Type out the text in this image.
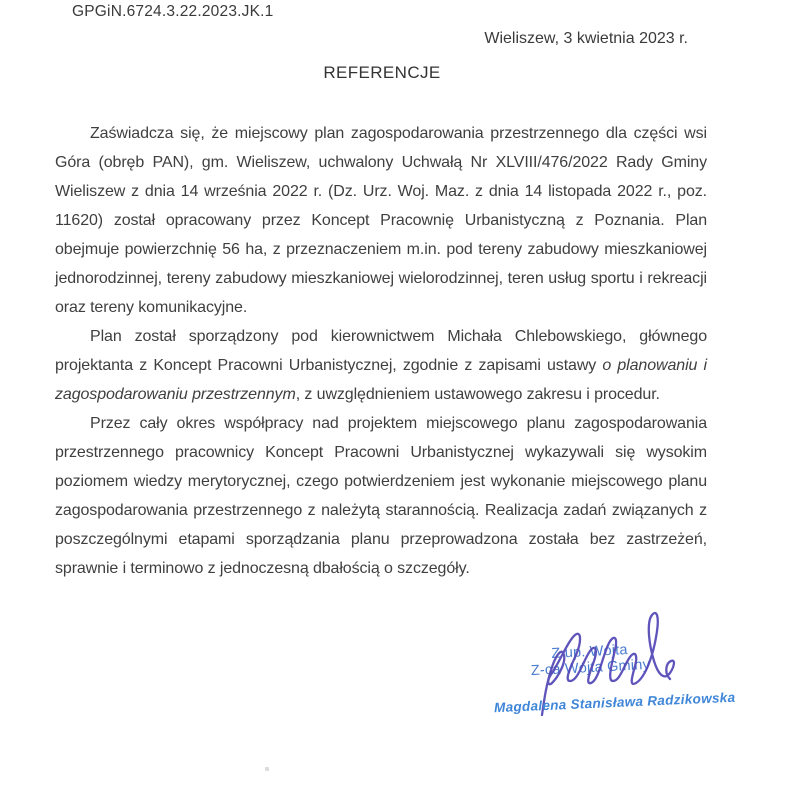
GPGiN.6724.3.22.2023.JK.1
Wieliszew, 3 kwietnia 2023 r.
REFERENCJE

Zaświadcza się, że miejscowy plan zagospodarowania przestrzennego dla części wsi Góra (obręb PAN), gm. Wieliszew, uchwalony Uchwałą Nr XLVIII/476/2022 Rady Gminy Wieliszew z dnia 14 września 2022 r. (Dz. Urz. Woj. Maz. z dnia 14 listopada 2022 r., poz. 11620) został opracowany przez Koncept Pracownię Urbanistyczną z Poznania. Plan obejmuje powierzchnię 56 ha, z przeznaczeniem m.in. pod tereny zabudowy mieszkaniowej jednorodzinnej, tereny zabudowy mieszkaniowej wielorodzinnej, teren usług sportu i rekreacji oraz tereny komunikacyjne.

Plan został sporządzony pod kierownictwem Michała Chlebowskiego, głównego projektanta z Koncept Pracowni Urbanistycznej, zgodnie z zapisami ustawy o planowaniu i zagospodarowaniu przestrzennym, z uwzględnieniem ustawowego zakresu i procedur.

Przez cały okres współpracy nad projektem miejscowego planu zagospodarowania przestrzennego pracownicy Koncept Pracowni Urbanistycznej wykazywali się wysokim poziomem wiedzy merytorycznej, czego potwierdzeniem jest wykonanie miejscowego planu zagospodarowania przestrzennego z należytą starannością. Realizacja zadań związanych z poszczególnymi etapami sporządzania planu przeprowadzona została bez zastrzeżeń, sprawnie i terminowo z jednoczesną dbałością o szczegóły.

Z up. Wójta
Z-ca Wójta Gminy
Magdalena Stanisława Radzikowska
